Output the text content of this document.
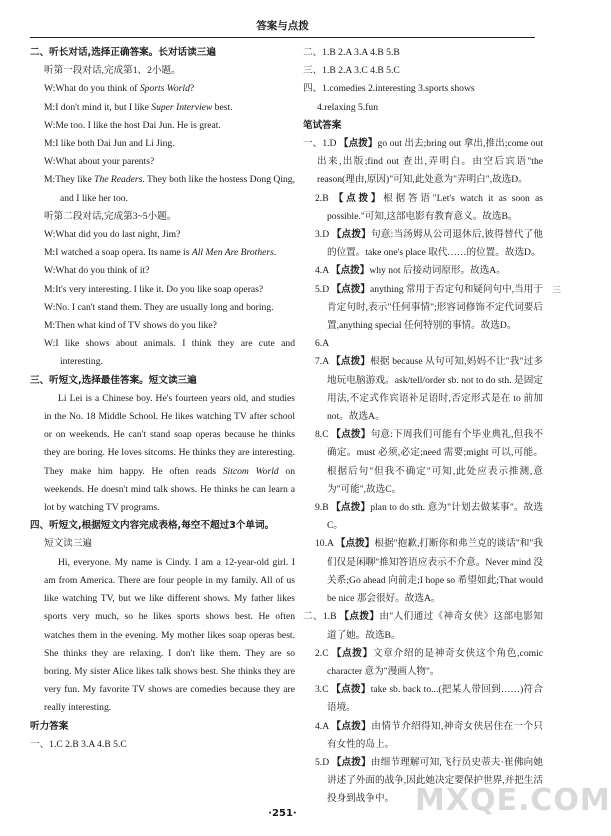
答案与点拨

二、听长对话,选择正确答案。长对话读三遍

听第一段对话,完成第1、2小题。

W:What do you think of Sports World?

M:I don't mind it, but I like Super Interview best.

W:Me too. I like the host Dai Jun. He is great.

M:I like both Dai Jun and Li Jing.

W:What about your parents?

M:They like The Readers. They both like the hostess Dong Qing, and I like her too.

听第二段对话,完成第3~5小题。

W:What did you do last night, Jim?

M:I watched a soap opera. Its name is All Men Are Brothers.

W:What do you think of it?

M:It's very interesting. I like it. Do you like soap operas?

W:No. I can't stand them. They are usually long and boring.

M:Then what kind of TV shows do you like?

W:I like shows about animals. I think they are cute and interesting.

三、听短文,选择最佳答案。短文读三遍

Li Lei is a Chinese boy. He's fourteen years old, and studies in the No. 18 Middle School. He likes watching TV after school or on weekends. He can't stand soap operas because he thinks they are boring. He loves sitcoms. He thinks they are interesting. They make him happy. He often reads Sitcom World on weekends. He doesn't mind talk shows. He thinks he can learn a lot by watching TV programs.

四、听短文,根据短文内容完成表格,每空不超过3个单词。

短文读三遍

Hi, everyone. My name is Cindy. I am a 12-year-old girl. I am from America. There are four people in my family. All of us like watching TV, but we like different shows. My father likes sports very much, so he likes sports shows best. He often watches them in the evening. My mother likes soap operas best. She thinks they are relaxing. I don't like them. They are so boring. My sister Alice likes talk shows best. She thinks they are very fun. My favorite TV shows are comedies because they are really interesting.

听力答案

一、1.C 2.B 3.A 4.B 5.C

二、1.B 2.A 3.A 4.B 5.B

三、1.B 2.A 3.C 4.B 5.C

四、1.comedies 2.interesting 3.sports shows

4.relaxing 5.fun

笔试答案

一、1.D 【点拨】go out 出去;bring out 拿出,推出;come out 出来,出版;find out 查出,弄明白。由空后宾语"the reason(理由,原因)"可知,此处意为"弄明白",故选D。

2.B 【点拨】根据答语"Let's watch it as soon as possible."可知,这部电影有教育意义。故选B。

3.D 【点拨】句意:当汤姆从公司退休后,彼得替代了他的位置。take one's place 取代……的位置。故选D。

4.A 【点拨】why not 后接动词原形。故选A。

5.D 【点拨】anything 常用于否定句和疑问句中,当用于肯定句时,表示"任何事情";形容词修饰不定代词要后置,anything special 任何特别的事情。故选D。

6.A

7.A 【点拨】根据 because 从句可知,妈妈不让"我"过多地玩电脑游戏。ask/tell/order sb. not to do sth. 是固定用法,不定式作宾语补足语时,否定形式是在 to 前加 not。故选A。

8.C 【点拨】句意:下周我们可能有个毕业典礼,但我不确定。must 必须,必定;need 需要;might 可以,可能。根据后句"但我不确定"可知,此处应表示推测,意为"可能",故选C。

9.B 【点拨】plan to do sth. 意为"计划去做某事"。故选C。

10.A 【点拨】根据"抱歉,打断你和弗兰克的谈话"和"我们仅是闲聊"推知答语应表示不介意。Never mind 没关系;Go ahead 向前走;I hope so 希望如此;That would be nice 那会很好。故选A。

二、1.B 【点拨】由"人们通过《神奇女侠》这部电影知道了她。故选B。

2.C 【点拨】文章介绍的是神奇女侠这个角色,comic character 意为"漫画人物"。

3.C 【点拨】take sb. back to...(把某人带回到……)符合语境。

4.A 【点拨】由情节介绍得知,神奇女侠居住在一个只有女性的岛上。

5.D 【点拨】由细节理解可知,飞行员史蒂夫·崔佛向她讲述了外面的战争,因此她决定要保护世界,并把生活投身到战争中。

三
MXQE.COM
·251·
